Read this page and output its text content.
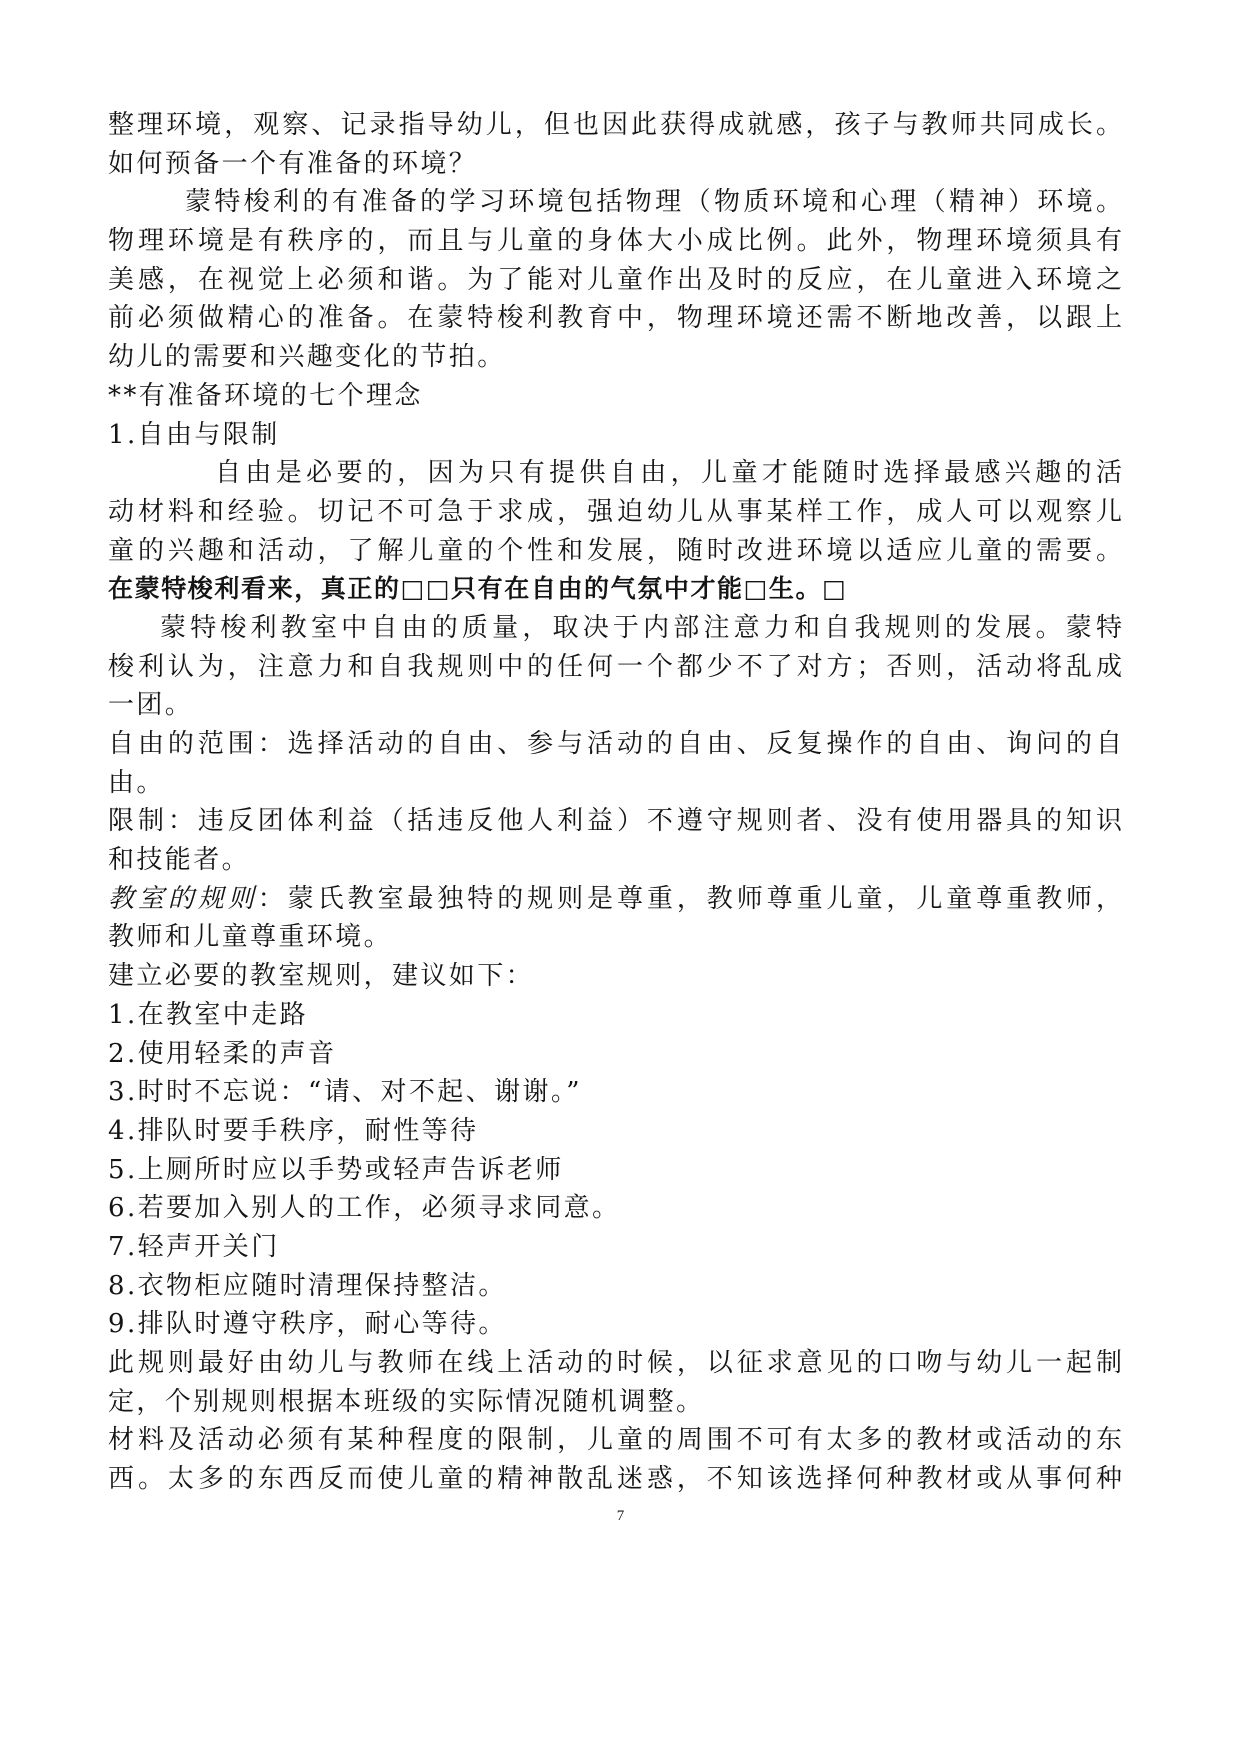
整理环境，观察、记录指导幼儿，但也因此获得成就感，孩子与教师共同成长。
如何预备一个有准备的环境？
蒙特梭利的有准备的学习环境包括物理（物质环境和心理（精神）环境。
物理环境是有秩序的，而且与儿童的身体大小成比例。此外，物理环境须具有
美感，在视觉上必须和谐。为了能对儿童作出及时的反应，在儿童进入环境之
前必须做精心的准备。在蒙特梭利教育中，物理环境还需不断地改善，以跟上
幼儿的需要和兴趣变化的节拍。
**有准备环境的七个理念
1.自由与限制
自由是必要的，因为只有提供自由，儿童才能随时选择最感兴趣的活
动材料和经验。切记不可急于求成，强迫幼儿从事某样工作，成人可以观察儿
童的兴趣和活动，了解儿童的个性和发展，随时改进环境以适应儿童的需要。
在蒙特梭利看来，真正的□□只有在自由的气氛中才能□生。□
蒙特梭利教室中自由的质量，取决于内部注意力和自我规则的发展。蒙特
梭利认为，注意力和自我规则中的任何一个都少不了对方；否则，活动将乱成
一团。
自由的范围：选择活动的自由、参与活动的自由、反复操作的自由、询问的自
由。
限制：违反团体利益（括违反他人利益）不遵守规则者、没有使用器具的知识
和技能者。
教室的规则：蒙氏教室最独特的规则是尊重，教师尊重儿童，儿童尊重教师，
教师和儿童尊重环境。
建立必要的教室规则，建议如下：
1.在教室中走路
2.使用轻柔的声音
3.时时不忘说：“请、对不起、谢谢。”
4.排队时要手秩序，耐性等待
5.上厕所时应以手势或轻声告诉老师
6.若要加入别人的工作，必须寻求同意。
7.轻声开关门
8.衣物柜应随时清理保持整洁。
9.排队时遵守秩序，耐心等待。
此规则最好由幼儿与教师在线上活动的时候，以征求意见的口吻与幼儿一起制
定，个别规则根据本班级的实际情况随机调整。
材料及活动必须有某种程度的限制，儿童的周围不可有太多的教材或活动的东
西。太多的东西反而使儿童的精神散乱迷惑，不知该选择何种教材或从事何种
7
